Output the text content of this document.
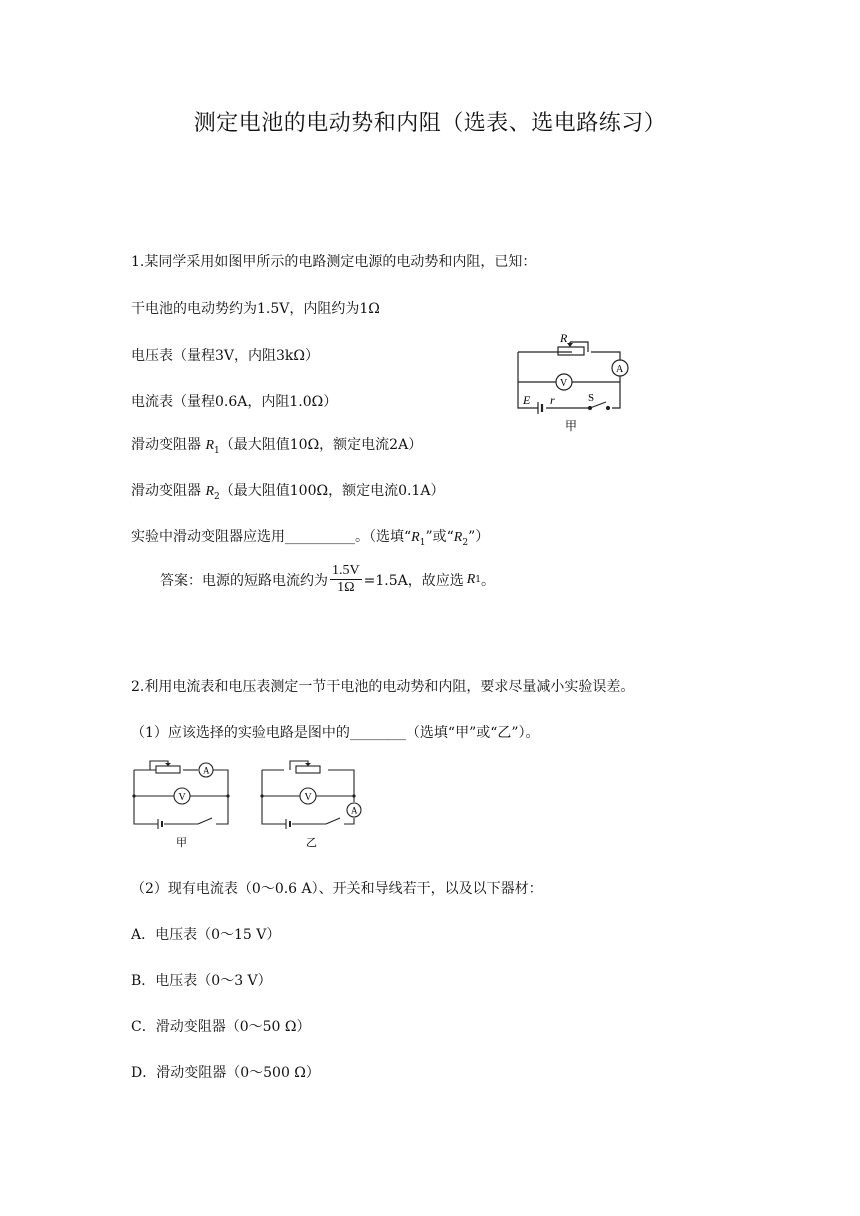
测定电池的电动势和内阻（选表、选电路练习）
1.某同学采用如图甲所示的电路测定电源的电动势和内阻，已知：
干电池的电动势约为1.5V，内阻约为1Ω
电压表（量程3V，内阻3kΩ）
电流表（量程0.6A，内阻1.0Ω）
滑动变阻器 $R_1$（最大阻值10Ω，额定电流2A）
滑动变阻器 $R_2$（最大阻值100Ω，额定电流0.1A）
实验中滑动变阻器应选用__________。（选填“$R_1$”或“$R_2$”）
答案：电源的短路电流约为 $\frac{1.5V}{1\Omega} =1.5A$，故应选 R 1 。
R
A
V
E r	S
甲
2.利用电流表和电压表测定一节干电池的电动势和内阻，要求尽量减小实验误差。
（1）应该选择的实验电路是图中的________（选填“甲”或“乙”）。
A
V
甲
A
V
乙
（2）现有电流表（0～0.6 A）、开关和导线若干，以及以下器材：
A．电压表（0～15 V）
B．电压表（0～3 V）
C．滑动变阻器（0～50 Ω）
D．滑动变阻器（0～500 Ω）
